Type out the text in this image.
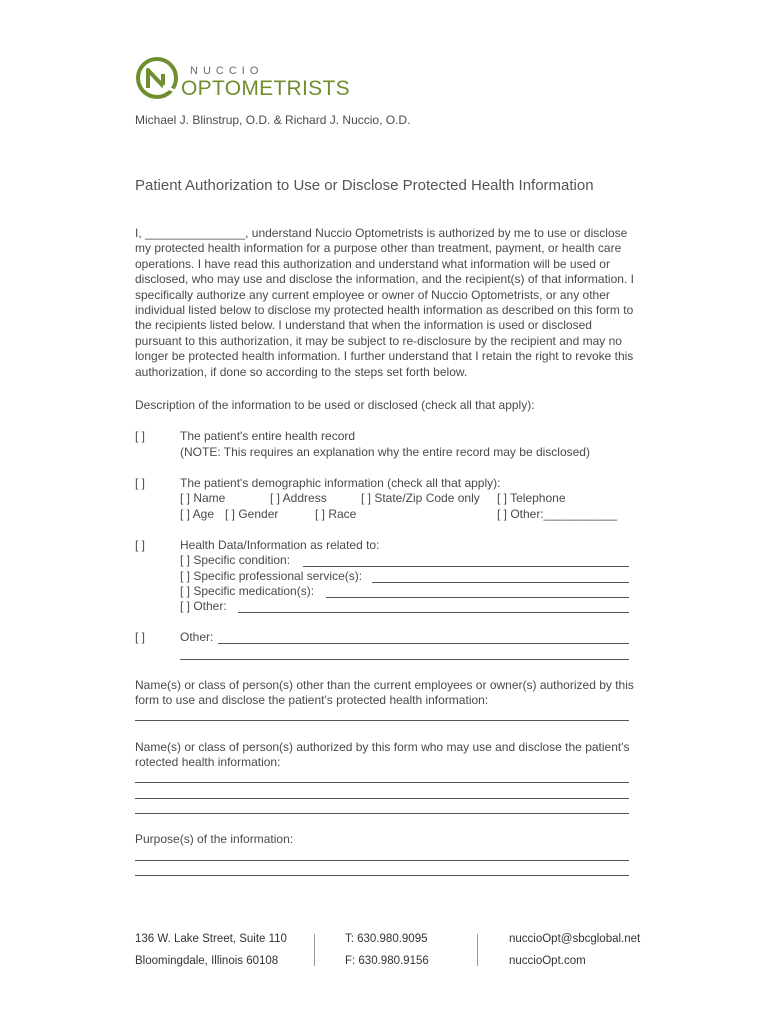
NUCCIO
OPTOMETRISTS
Michael J. Blinstrup, O.D. & Richard J. Nuccio, O.D.
Patient Authorization to Use or Disclose Protected Health Information

I, _______________, understand Nuccio Optometrists is authorized by me to use or disclose my protected health information for a purpose other than treatment, payment, or health care operations. I have read this authorization and understand what information will be used or disclosed, who may use and disclose the information, and the recipient(s) of that information. I specifically authorize any current employee or owner of Nuccio Optometrists, or any other individual listed below to disclose my protected health information as described on this form to the recipients listed below. I understand that when the information is used or disclosed pursuant to this authorization, it may be subject to re-disclosure by the recipient and may no longer be protected health information. I further understand that I retain the right to revoke this authorization, if done so according to the steps set forth below.

Description of the information to be used or disclosed (check all that apply):
[ ]	The patient's entire health record
(NOTE: This requires an explanation why the entire record may be disclosed)
[ ]	The patient's demographic information (check all that apply):
[ ] Name	[ ] Address	[ ] State/Zip Code only [ ] Telephone
[ ] Age [ ] Gender	[ ] Race	[ ] Other:___________
[ ]	Health Data/Information as related to:
[ ] Specific condition:
[ ] Specific professional service(s):
[ ] Specific medication(s):
[ ] Other:
[ ]	Other:
Name(s) or class of person(s) other than the current employees or owner(s) authorized by this form to use and disclose the patient's protected health information:
Name(s) or class of person(s) authorized by this form who may use and disclose the patient's rotected health information:
Purpose(s) of the information:
136 W. Lake Street, Suite 110
Bloomingdale, Illinois 60108
T: 630.980.9095
F: 630.980.9156
nuccioOpt@sbcglobal.net
nuccioOpt.com
